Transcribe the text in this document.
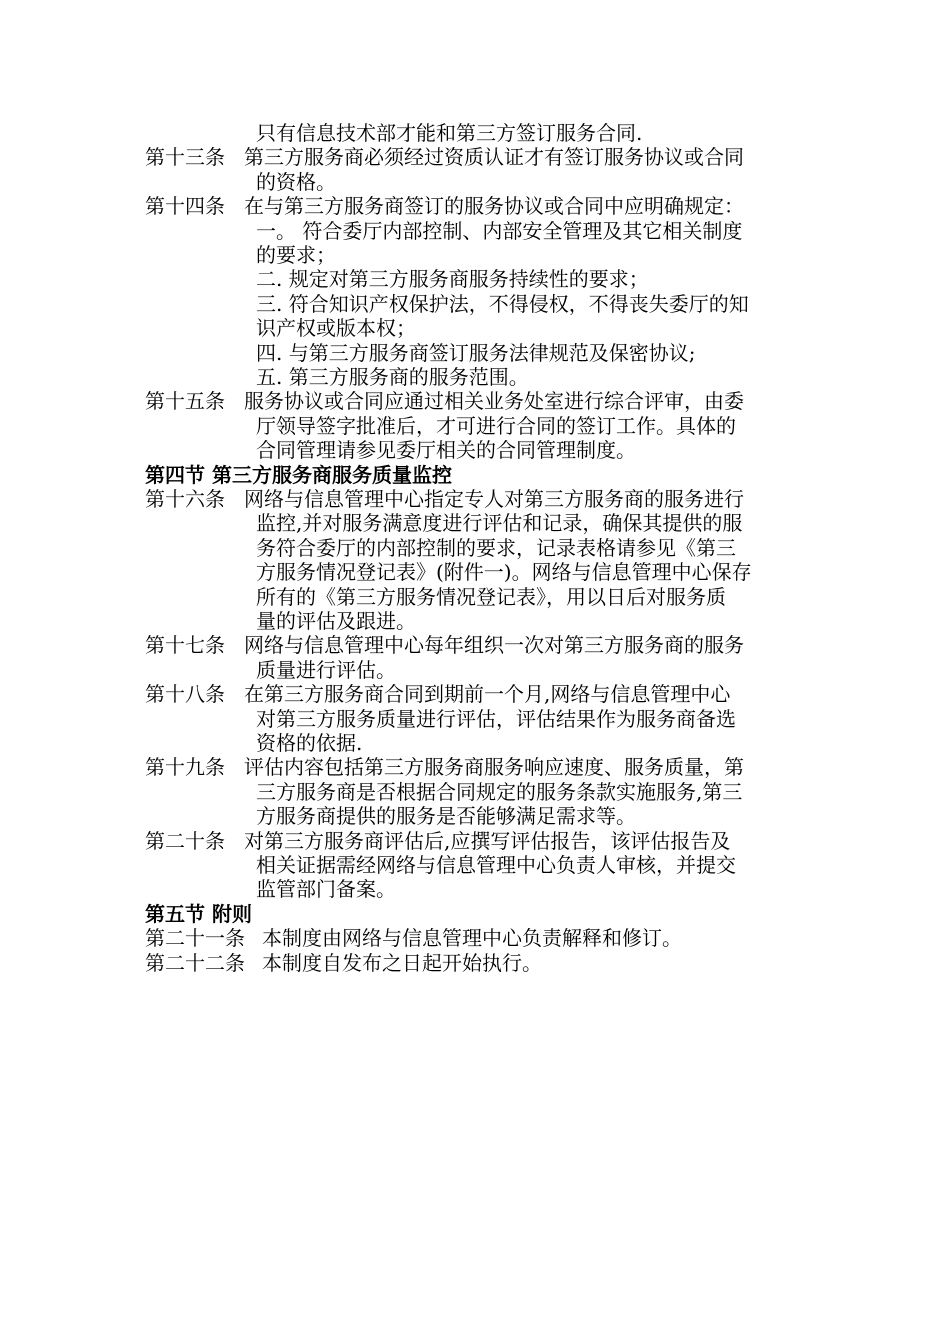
只有信息技术部才能和第三方签订服务合同.
第十三条 第三方服务商必须经过资质认证才有签订服务协议或合同
的资格。
第十四条 在与第三方服务商签订的服务协议或合同中应明确规定：
一。 符合委厅内部控制、内部安全管理及其它相关制度
的要求；
二. 规定对第三方服务商服务持续性的要求；
三. 符合知识产权保护法，不得侵权，不得丧失委厅的知
识产权或版本权；
四. 与第三方服务商签订服务法律规范及保密协议;
五. 第三方服务商的服务范围。
第十五条 服务协议或合同应通过相关业务处室进行综合评审，由委
厅领导签字批准后，才可进行合同的签订工作。具体的
合同管理请参见委厅相关的合同管理制度。
第四节 第三方服务商服务质量监控
第十六条 网络与信息管理中心指定专人对第三方服务商的服务进行
监控,并对服务满意度进行评估和记录，确保其提供的服
务符合委厅的内部控制的要求，记录表格请参见《第三
方服务情况登记表》(附件一)。网络与信息管理中心保存
所有的《第三方服务情况登记表》，用以日后对服务质
量的评估及跟进。
第十七条 网络与信息管理中心每年组织一次对第三方服务商的服务
质量进行评估。
第十八条 在第三方服务商合同到期前一个月,网络与信息管理中心
对第三方服务质量进行评估，评估结果作为服务商备选
资格的依据.
第十九条 评估内容包括第三方服务商服务响应速度、服务质量，第
三方服务商是否根据合同规定的服务条款实施服务,第三
方服务商提供的服务是否能够满足需求等。
第二十条 对第三方服务商评估后,应撰写评估报告，该评估报告及
相关证据需经网络与信息管理中心负责人审核，并提交
监管部门备案。
第五节 附则
第二十一条 本制度由网络与信息管理中心负责解释和修订。
第二十二条 本制度自发布之日起开始执行。
